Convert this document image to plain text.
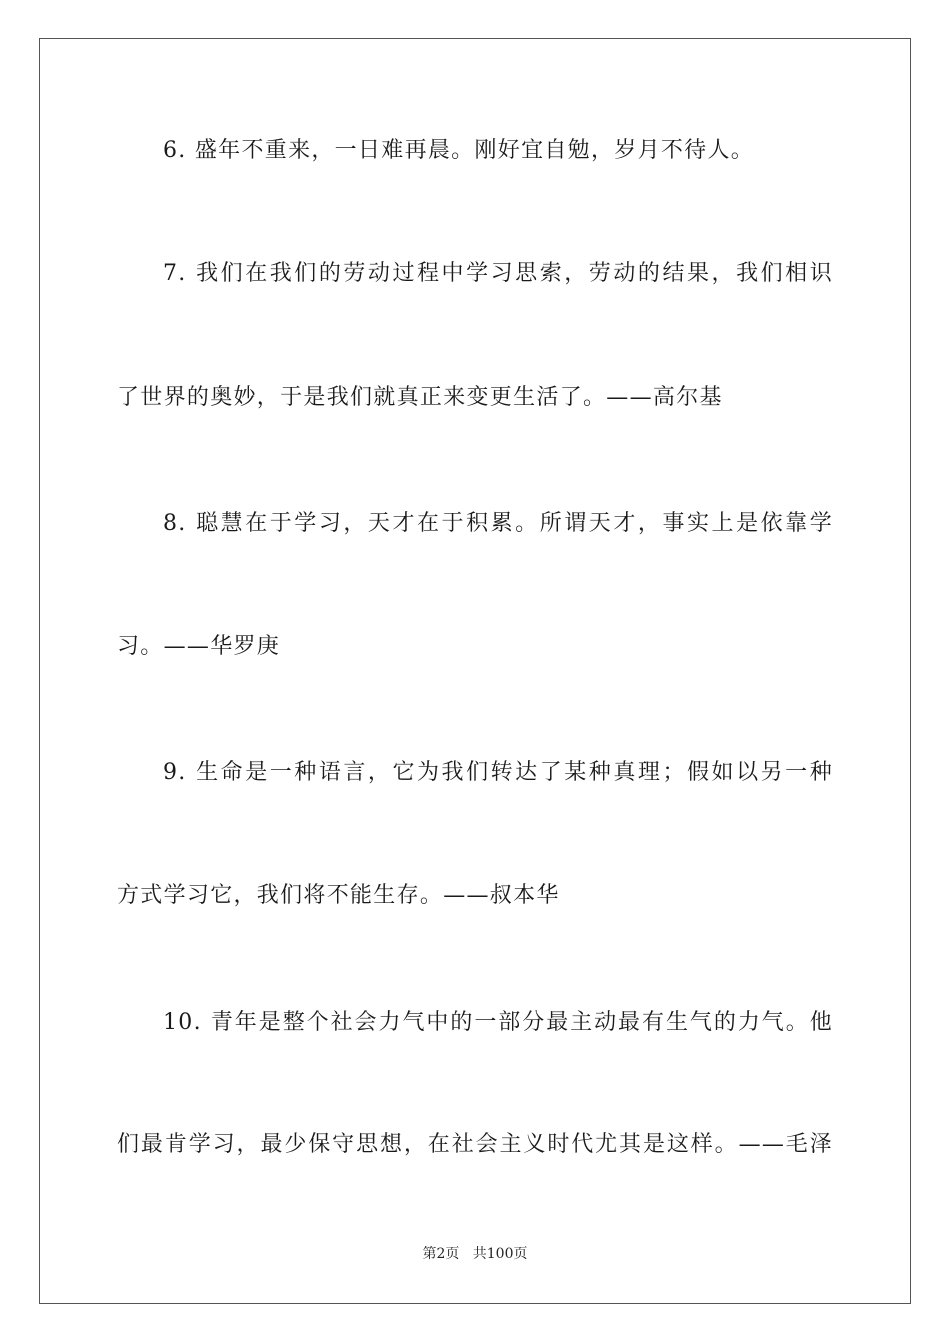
6. 盛年不重来，一日难再晨。刚好宜自勉，岁月不待人。
7. 我们在我们的劳动过程中学习思索，劳动的结果，我们相识
了世界的奥妙，于是我们就真正来变更生活了。——高尔基
8. 聪慧在于学习，天才在于积累。所谓天才，事实上是依靠学
习。——华罗庚
9. 生命是一种语言，它为我们转达了某种真理；假如以另一种
方式学习它，我们将不能生存。——叔本华
10. 青年是整个社会力气中的一部分最主动最有生气的力气。他
们最肯学习，最少保守思想，在社会主义时代尤其是这样。——毛泽
第2页 共100页
